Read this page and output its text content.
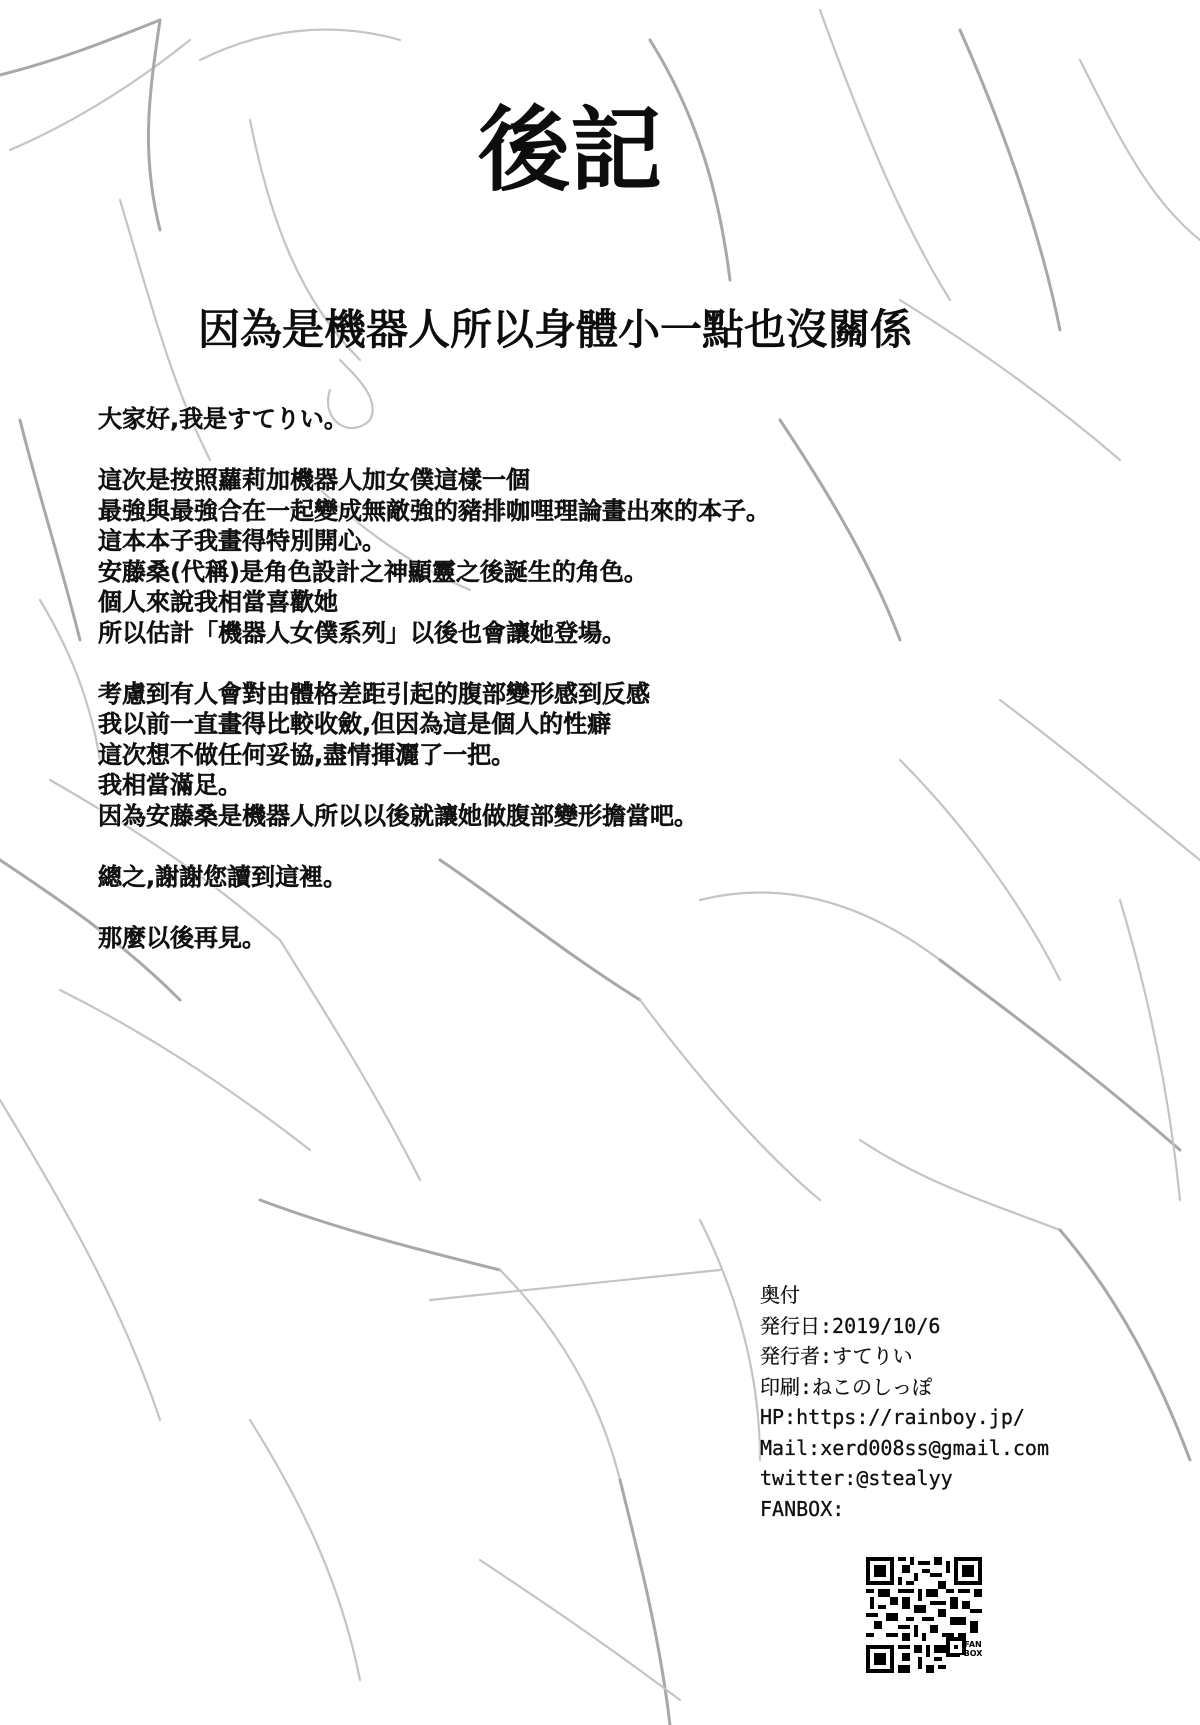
後記
因為是機器人所以身體小一點也沒關係
大家好,我是すてりい。
這次是按照蘿莉加機器人加女僕這樣一個
最強與最強合在一起變成無敵強的豬排咖哩理論畫出來的本子。
這本本子我畫得特別開心。
安藤桑(代稱)是角色設計之神顯靈之後誕生的角色。
個人來說我相當喜歡她
所以估計「機器人女僕系列」以後也會讓她登場。
考慮到有人會對由體格差距引起的腹部變形感到反感
我以前一直畫得比較收斂,但因為這是個人的性癖
這次想不做任何妥協,盡情揮灑了一把。
我相當滿足。
因為安藤桑是機器人所以以後就讓她做腹部變形擔當吧。
總之,謝謝您讀到這裡。
那麼以後再見。
奥付
発行日:2019/10/6
発行者:すてりい
印刷:ねこのしっぽ
HP:https://rainboy.jp/
Mail:xerd008ss@gmail.com
twitter:@stealyy
FANBOX:
FAN BOX
